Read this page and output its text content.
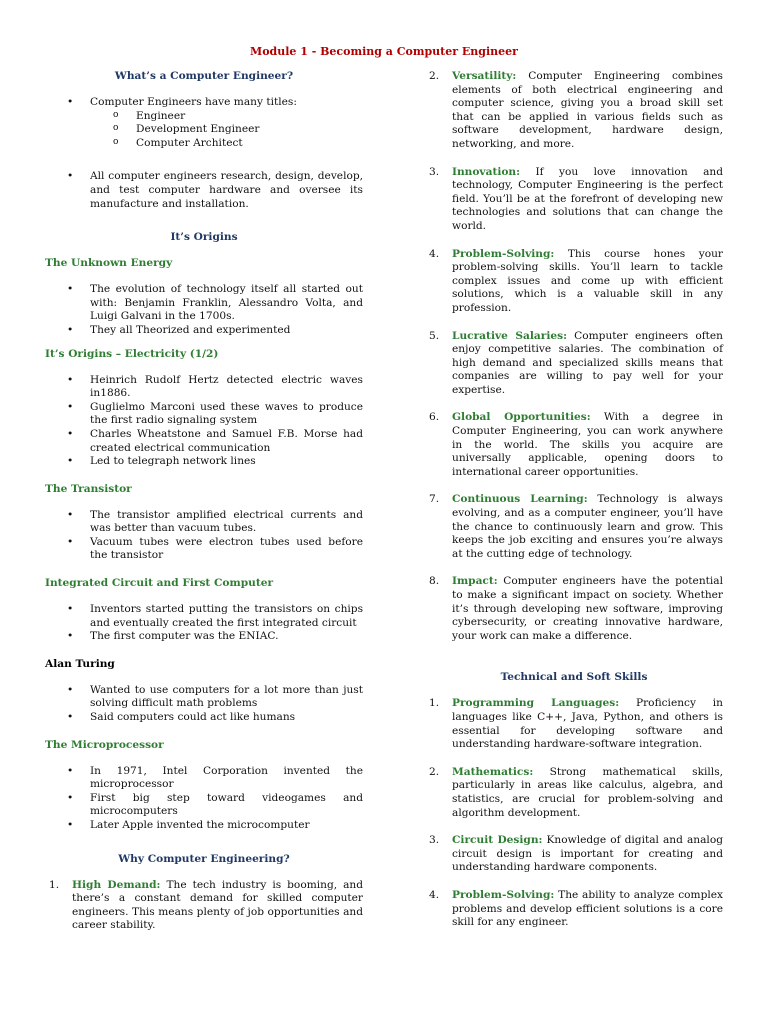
Module 1 - Becoming a Computer Engineer
What’s a Computer Engineer?
• Computer Engineers have many titles:
o Engineer
o Development Engineer
o Computer Architect
• All computer engineers research, design, develop, and test computer hardware and oversee its manufacture and installation.
It’s Origins
The Unknown Energy
• The evolution of technology itself all started out with: Benjamin Franklin, Alessandro Volta, and Luigi Galvani in the 1700s.
• They all Theorized and experimented
It’s Origins – Electricity (1/2)
• Heinrich Rudolf Hertz detected electric waves in1886.
• Guglielmo Marconi used these waves to produce the first radio signaling system
• Charles Wheatstone and Samuel F.B. Morse had created electrical communication
• Led to telegraph network lines
The Transistor
• The transistor amplified electrical currents and was better than vacuum tubes.
• Vacuum tubes were electron tubes used before the transistor
Integrated Circuit and First Computer
• Inventors started putting the transistors on chips and eventually created the first integrated circuit
• The first computer was the ENIAC.
Alan Turing
• Wanted to use computers for a lot more than just solving difficult math problems
• Said computers could act like humans
The Microprocessor
• In 1971, Intel Corporation invented the microprocessor
• First big step toward videogames and microcomputers
• Later Apple invented the microcomputer
Why Computer Engineering?
1. High Demand: The tech industry is booming, and there’s a constant demand for skilled computer engineers. This means plenty of job opportunities and career stability.
2. Versatility: Computer Engineering combines elements of both electrical engineering and computer science, giving you a broad skill set that can be applied in various fields such as software development, hardware design, networking, and more.
3. Innovation: If you love innovation and technology, Computer Engineering is the perfect field. You’ll be at the forefront of developing new technologies and solutions that can change the world.
4. Problem-Solving: This course hones your problem-solving skills. You’ll learn to tackle complex issues and come up with efficient solutions, which is a valuable skill in any profession.
5. Lucrative Salaries: Computer engineers often enjoy competitive salaries. The combination of high demand and specialized skills means that companies are willing to pay well for your expertise.
6. Global Opportunities: With a degree in Computer Engineering, you can work anywhere in the world. The skills you acquire are universally applicable, opening doors to international career opportunities.
7. Continuous Learning: Technology is always evolving, and as a computer engineer, you’ll have the chance to continuously learn and grow. This keeps the job exciting and ensures you’re always at the cutting edge of technology.
8. Impact: Computer engineers have the potential to make a significant impact on society. Whether it’s through developing new software, improving cybersecurity, or creating innovative hardware, your work can make a difference.
Technical and Soft Skills
1. Programming Languages: Proficiency in languages like C++, Java, Python, and others is essential for developing software and understanding hardware-software integration.
2. Mathematics: Strong mathematical skills, particularly in areas like calculus, algebra, and statistics, are crucial for problem-solving and algorithm development.
3. Circuit Design: Knowledge of digital and analog circuit design is important for creating and understanding hardware components.
4. Problem-Solving: The ability to analyze complex problems and develop efficient solutions is a core skill for any engineer.
